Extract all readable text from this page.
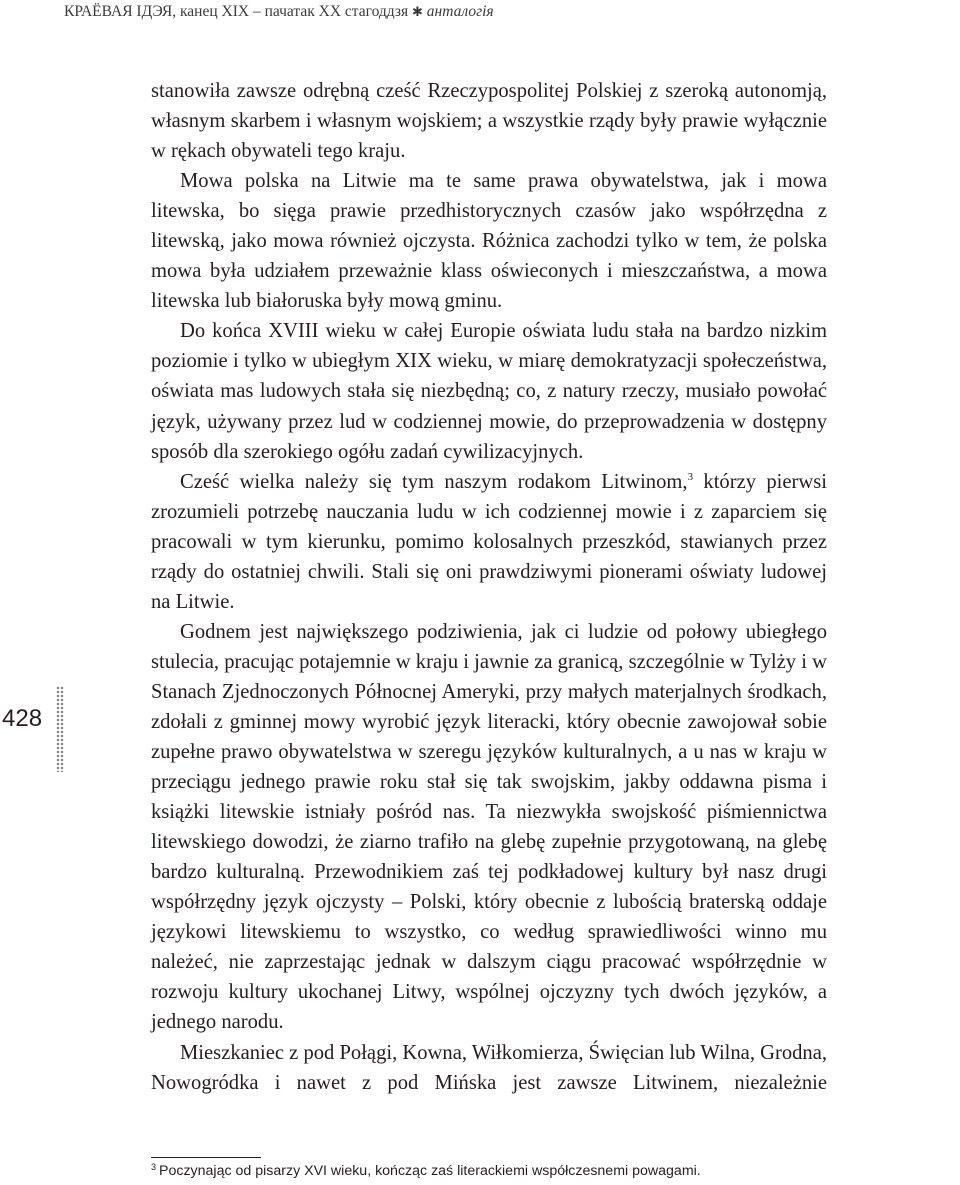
КРАЁВАЯ ІДЭЯ, канец XIX – пачатак XX стагоддзя ✱ анталогія
428

stanowiła zawsze odrębną cześć Rzeczypospolitej Polskiej z szeroką autonomją, własnym skarbem i własnym wojskiem; a wszystkie rządy były prawie wyłącznie w rękach obywateli tego kraju.

Mowa polska na Litwie ma te same prawa obywatelstwa, jak i mowa litewska, bo sięga prawie przedhistorycznych czasów jako współrzędna z litewską, jako mowa również ojczysta. Różnica zachodzi tylko w tem, że polska mowa była udziałem przeważnie klass oświeconych i mieszczaństwa, a mowa litewska lub białoruska były mową gminu.

Do końca XVIII wieku w całej Europie oświata ludu stała na bardzo nizkim poziomie i tylko w ubiegłym XIX wieku, w miarę demokratyzacji społeczeństwa, oświata mas ludowych stała się niezbędną; co, z natury rzeczy, musiało powołać język, używany przez lud w codziennej mowie, do przeprowadzenia w dostępny sposób dla szerokiego ogółu zadań cywilizacyjnych.

Cześć wielka należy się tym naszym rodakom Litwinom,$^3$ którzy pierwsi zrozumieli potrzebę nauczania ludu w ich codziennej mowie i z zaparciem się pracowali w tym kierunku, pomimo kolosalnych przeszkód, stawianych przez rządy do ostatniej chwili. Stali się oni prawdziwymi pionerami oświaty ludowej na Litwie.

Godnem jest największego podziwienia, jak ci ludzie od połowy ubiegłego stulecia, pracując potajemnie w kraju i jawnie za granicą, szczególnie w Tylży i w Stanach Zjednoczonych Północnej Ameryki, przy małych materjalnych środkach, zdołali z gminnej mowy wyrobić język literacki, który obecnie zawojował sobie zupełne prawo obywatelstwa w szeregu języków kulturalnych, a u nas w kraju w przeciągu jednego prawie roku stał się tak swojskim, jakby oddawna pisma i książki litewskie istniały pośród nas. Ta niezwykła swojskość piśmiennictwa litewskiego dowodzi, że ziarno trafiło na glebę zupełnie przygotowaną, na glebę bardzo kulturalną. Przewodnikiem zaś tej podkładowej kultury był nasz drugi współrzędny język ojczysty – Polski, który obecnie z lubością braterską oddaje językowi litewskiemu to wszystko, co według sprawiedliwości winno mu należeć, nie zaprzestając jednak w dalszym ciągu pracować współrzędnie w rozwoju kultury ukochanej Litwy, wspólnej ojczyzny tych dwóch języków, a jednego narodu.

Mieszkaniec z pod Połągi, Kowna, Wiłkomierza, Święcian lub Wilna, Grodna, Nowogródka i nawet z pod Mińska jest zawsze Litwinem, niezależnie

$^3$ Poczynając od pisarzy XVI wieku, kończąc zaś literackiemi współczesnemi powagami.
